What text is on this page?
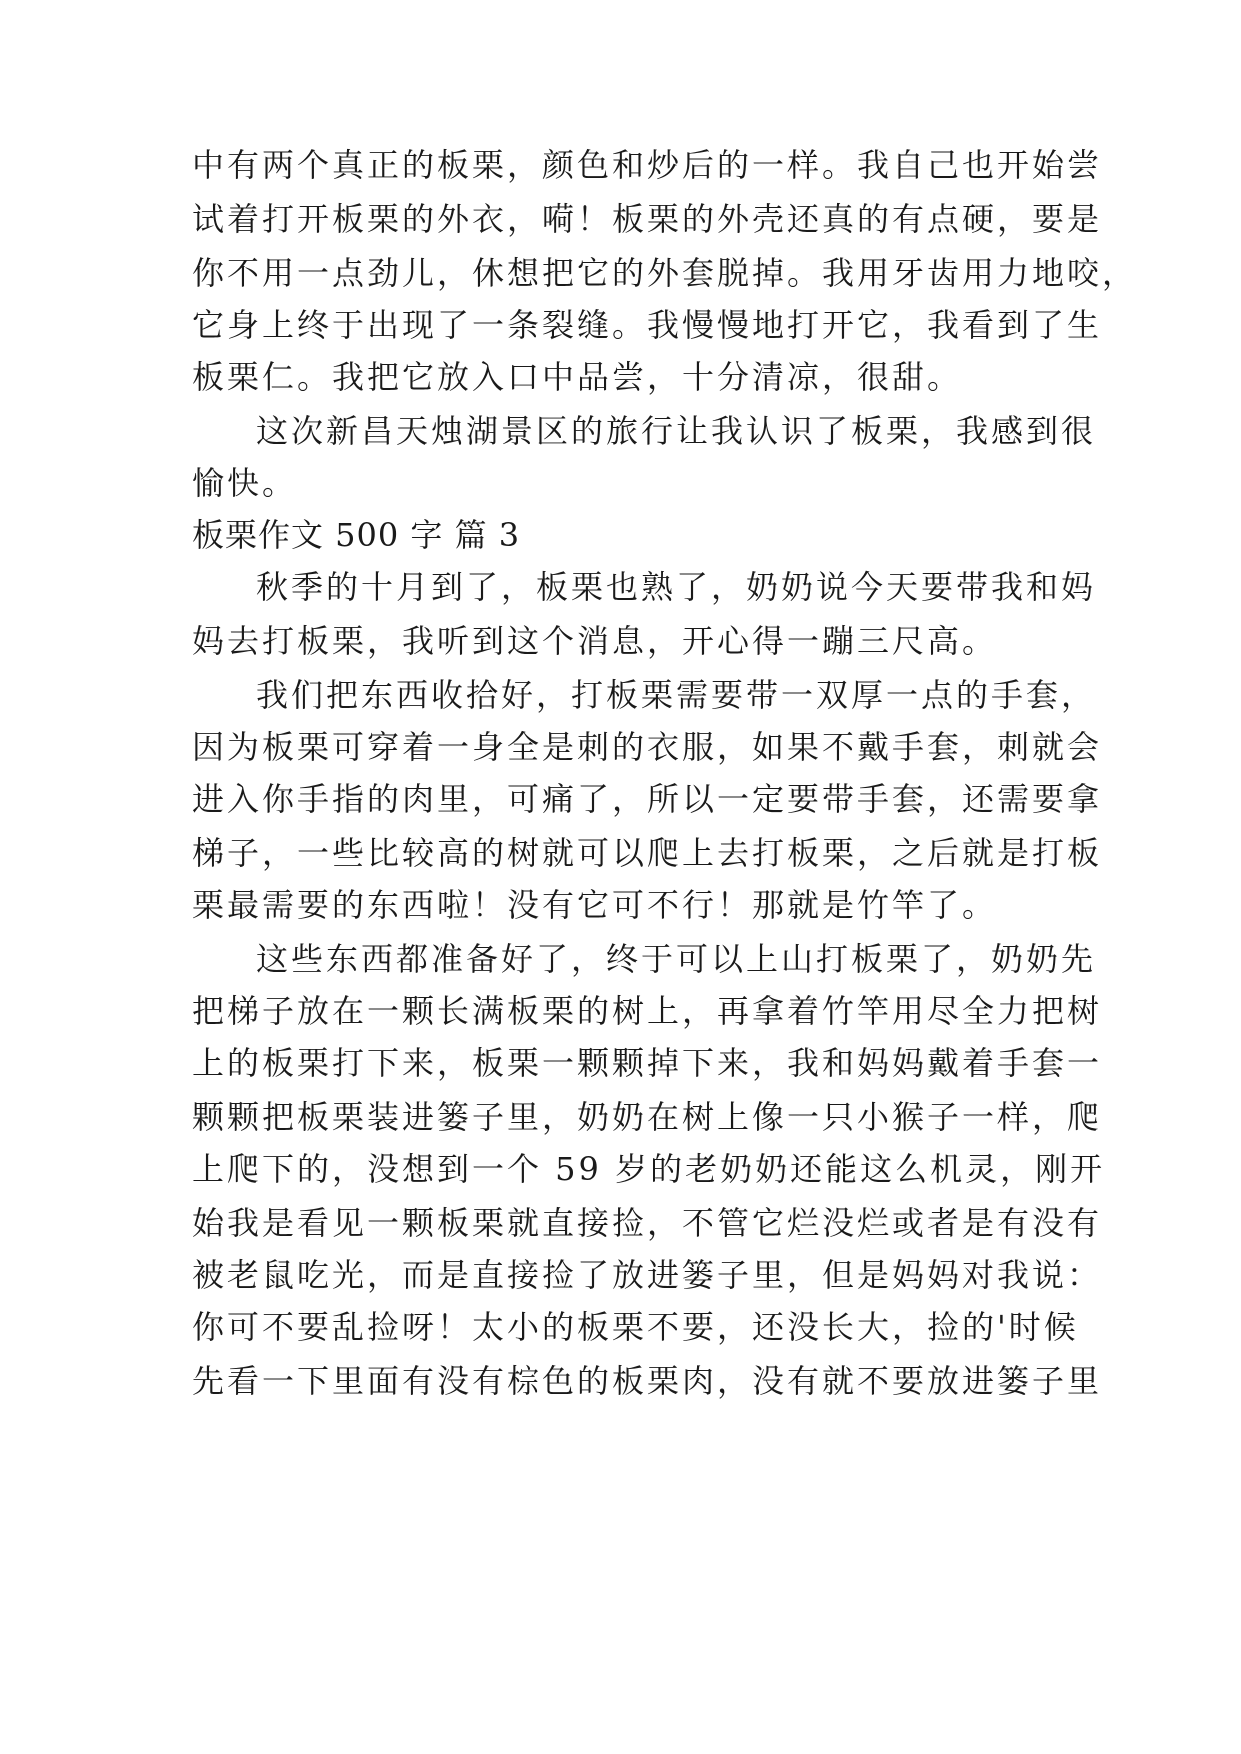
中有两个真正的板栗，颜色和炒后的一样。我自己也开始尝
试着打开板栗的外衣，嗬！板栗的外壳还真的有点硬，要是
你不用一点劲儿，休想把它的外套脱掉。我用牙齿用力地咬，
它身上终于出现了一条裂缝。我慢慢地打开它，我看到了生
板栗仁。我把它放入口中品尝，十分清凉，很甜。
这次新昌天烛湖景区的旅行让我认识了板栗，我感到很
愉快。
板栗作文 500 字 篇 3
秋季的十月到了，板栗也熟了，奶奶说今天要带我和妈
妈去打板栗，我听到这个消息，开心得一蹦三尺高。
我们把东西收拾好，打板栗需要带一双厚一点的手套，
因为板栗可穿着一身全是刺的衣服，如果不戴手套，刺就会
进入你手指的肉里，可痛了，所以一定要带手套，还需要拿
梯子，一些比较高的树就可以爬上去打板栗，之后就是打板
栗最需要的东西啦！没有它可不行！那就是竹竿了。
这些东西都准备好了，终于可以上山打板栗了，奶奶先
把梯子放在一颗长满板栗的树上，再拿着竹竿用尽全力把树
上的板栗打下来，板栗一颗颗掉下来，我和妈妈戴着手套一
颗颗把板栗装进篓子里，奶奶在树上像一只小猴子一样，爬
上爬下的，没想到一个 59 岁的老奶奶还能这么机灵，刚开
始我是看见一颗板栗就直接捡，不管它烂没烂或者是有没有
被老鼠吃光，而是直接捡了放进篓子里，但是妈妈对我说：
你可不要乱捡呀！太小的板栗不要，还没长大，捡的'时候
先看一下里面有没有棕色的板栗肉，没有就不要放进篓子里
